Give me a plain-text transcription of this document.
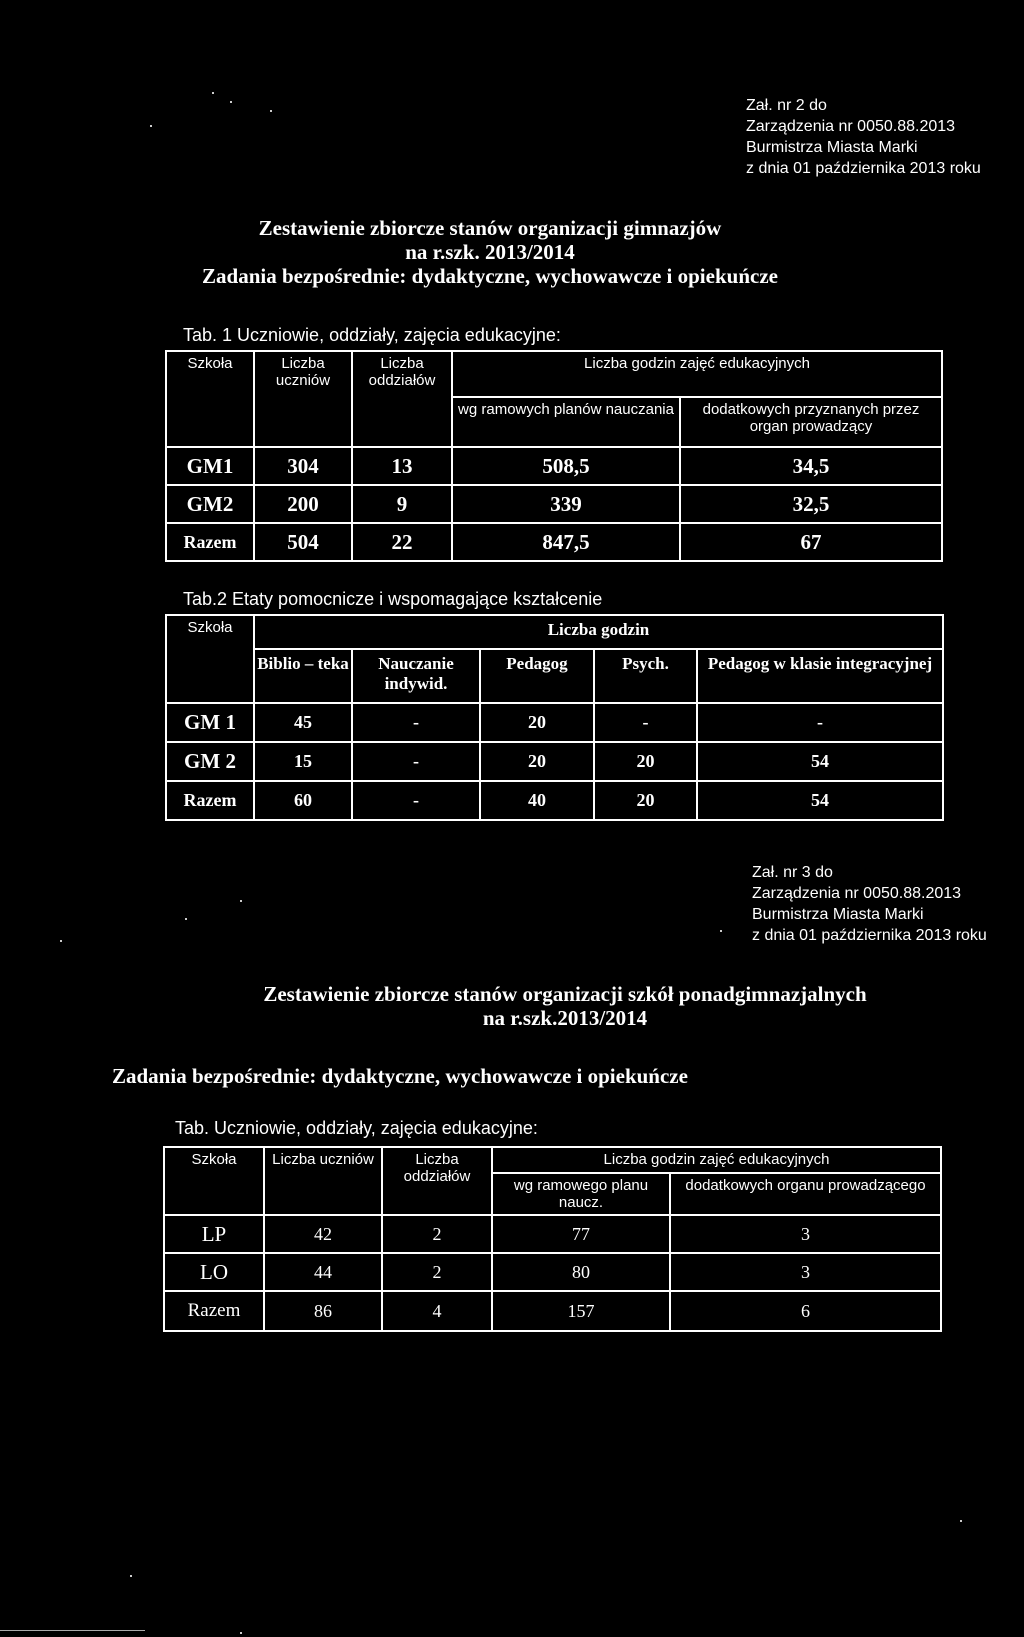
Zał. nr 2 do
Zarządzenia nr 0050.88.2013
Burmistrza Miasta Marki
z dnia 01 października 2013 roku
Zestawienie zbiorcze stanów organizacji gimnazjów
na r.szk. 2013/2014
Zadania bezpośrednie: dydaktyczne, wychowawcze i opiekuńcze
Tab. 1 Uczniowie, oddziały, zajęcia edukacyjne:
Szkoła	Liczba uczniów	Liczba oddziałów	Liczba godzin zajęć edukacyjnych	
			wg ramowych planów nauczania	dodatkowych przyznanych przez organ prowadzący
GM1	304	13	508,5	34,5
GM2	200	9	339	32,5
Razem	504	22	847,5	67
Tab.2 Etaty pomocnicze i wspomagające kształcenie
Szkoła	Liczba godzin				
	Biblio – teka	Nauczanie indywid.	Pedagog	Psych.	Pedagog w klasie integracyjnej
GM 1	45	-	20	-	-
GM 2	15	-	20	20	54
Razem	60	-	40	20	54
Zał. nr 3 do
Zarządzenia nr 0050.88.2013
Burmistrza Miasta Marki
z dnia 01 października 2013 roku
Zestawienie zbiorcze stanów organizacji szkół ponadgimnazjalnych
na r.szk.2013/2014
Zadania bezpośrednie: dydaktyczne, wychowawcze i opiekuńcze
Tab. Uczniowie, oddziały, zajęcia edukacyjne:
Szkoła	Liczba uczniów	Liczba oddziałów	Liczba godzin zajęć edukacyjnych	
			wg ramowego planu naucz.	dodatkowych organu prowadzącego
LP	42	2	77	3
LO	44	2	80	3
Razem	86	4	157	6
